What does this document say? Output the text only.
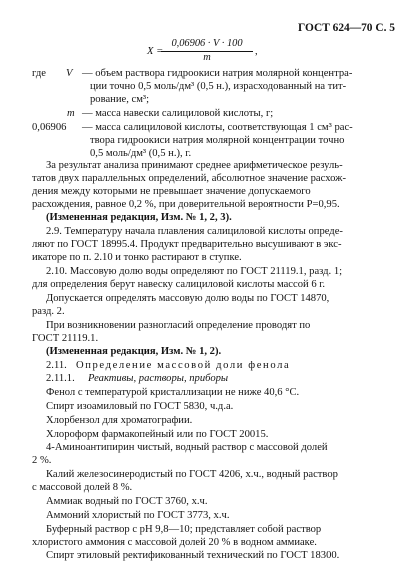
ГОСТ 624—70 С. 5
X =
0,06906 · V · 100
m
,
где V — объем раствора гидроокиси натрия молярной концентра-
ции точно 0,5 моль/дм³ (0,5 н.), израсходованный на тит-
рование, см³;
m — масса навески салициловой кислоты, г;
0,06906 — масса салициловой кислоты, соответствующая 1 см³ рас-
твора гидроокиси натрия молярной концентрации точно
0,5 моль/дм³ (0,5 н.), г.
За результат анализа принимают среднее арифметическое резуль-
татов двух параллельных определений, абсолютное значение расхож-
дения между которыми не превышает значение допускаемого
расхождения, равное 0,2 %, при доверительной вероятности P=0,95.
(Измененная редакция, Изм. № 1, 2, 3).
2.9. Температуру начала плавления салициловой кислоты опреде-
ляют по ГОСТ 18995.4. Продукт предварительно высушивают в экс-
икаторе по п. 2.10 и тонко растирают в ступке.
2.10. Массовую долю воды определяют по ГОСТ 21119.1, разд. 1;
для определения берут навеску салициловой кислоты массой 6 г.
Допускается определять массовую долю воды по ГОСТ 14870,
разд. 2.
При возникновении разногласий определение проводят по
ГОСТ 21119.1.
(Измененная редакция, Изм. № 1, 2).
2.11. Определение массовой доли фенола
2.11.1. Реактивы, растворы, приборы
Фенол с температурой кристаллизации не ниже 40,6 °С.
Спирт изоамиловый по ГОСТ 5830, ч.д.а.
Хлорбензол для хроматографии.
Хлороформ фармакопейный или по ГОСТ 20015.
4-Аминоантипирин чистый, водный раствор с массовой долей
2 %.
Калий железосинеродистый по ГОСТ 4206, х.ч., водный раствор
с массовой долей 8 %.
Аммиак водный по ГОСТ 3760, х.ч.
Аммоний хлористый по ГОСТ 3773, х.ч.
Буферный раствор с pH 9,8—10; представляет собой раствор
хлористого аммония с массовой долей 20 % в водном аммиаке.
Спирт этиловый ректификованный технический по ГОСТ 18300.
